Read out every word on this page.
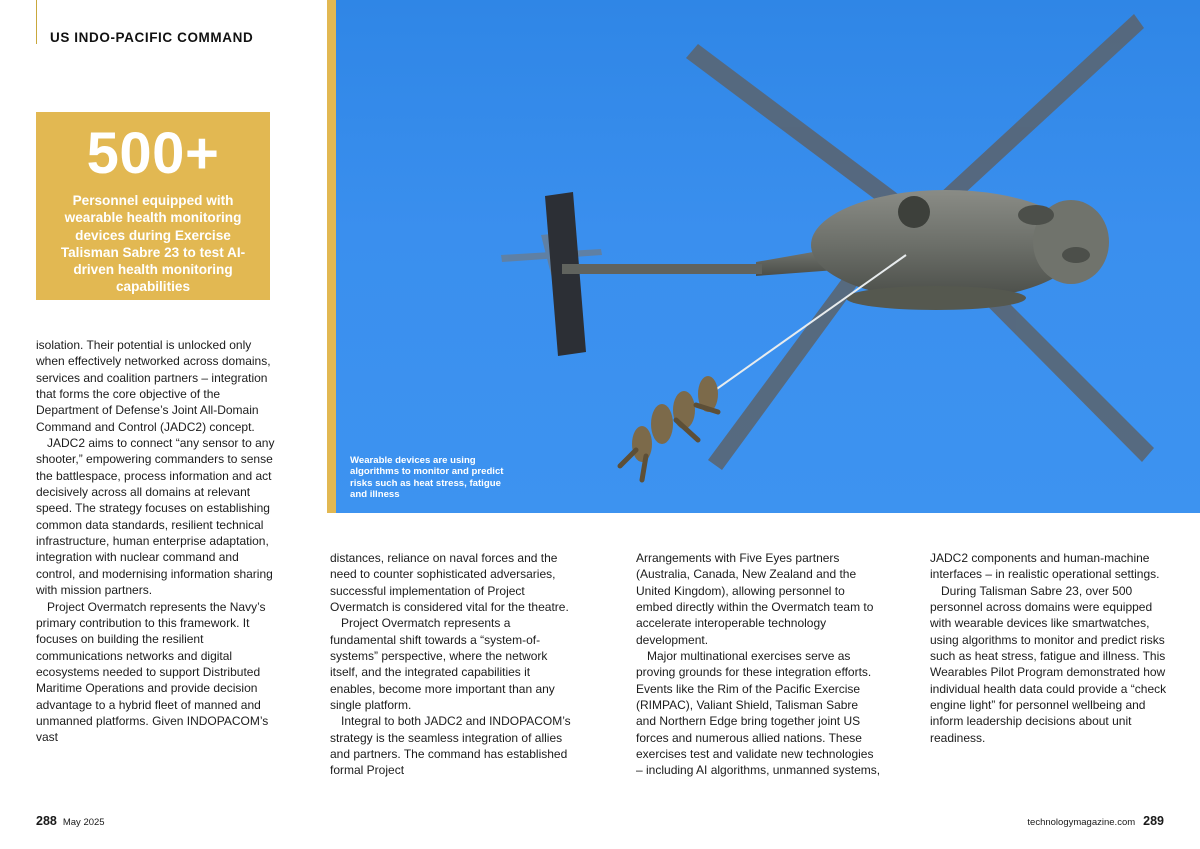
US INDO-PACIFIC COMMAND
500+
Personnel equipped with wearable health monitoring devices during Exercise Talisman Sabre 23 to test AI-driven health monitoring capabilities
Wearable devices are using algorithms to monitor and predict risks such as heat stress, fatigue and illness

isolation. Their potential is unlocked only when effectively networked across domains, services and coalition partners – integration that forms the core objective of the Department of Defense’s Joint All-Domain Command and Control (JADC2) concept.

JADC2 aims to connect “any sensor to any shooter,” empowering commanders to sense the battlespace, process information and act decisively across all domains at relevant speed. The strategy focuses on establishing common data standards, resilient technical infrastructure, human enterprise adaptation, integration with nuclear command and control, and modernising information sharing with mission partners.

Project Overmatch represents the Navy’s primary contribution to this framework. It focuses on building the resilient communications networks and digital ecosystems needed to support Distributed Maritime Operations and provide decision advantage to a hybrid fleet of manned and unmanned platforms. Given INDOPACOM’s vast

distances, reliance on naval forces and the need to counter sophisticated adversaries, successful implementation of Project Overmatch is considered vital for the theatre.

Project Overmatch represents a fundamental shift towards a “system-of-systems” perspective, where the network itself, and the integrated capabilities it enables, become more important than any single platform.

Integral to both JADC2 and INDOPACOM’s strategy is the seamless integration of allies and partners. The command has established formal Project

Arrangements with Five Eyes partners (Australia, Canada, New Zealand and the United Kingdom), allowing personnel to embed directly within the Overmatch team to accelerate interoperable technology development.

Major multinational exercises serve as proving grounds for these integration efforts. Events like the Rim of the Pacific Exercise (RIMPAC), Valiant Shield, Talisman Sabre and Northern Edge bring together joint US forces and numerous allied nations. These exercises test and validate new technologies – including AI algorithms, unmanned systems,

JADC2 components and human-machine interfaces – in realistic operational settings.

During Talisman Sabre 23, over 500 personnel across domains were equipped with wearable devices like smartwatches, using algorithms to monitor and predict risks such as heat stress, fatigue and illness. This Wearables Pilot Program demonstrated how individual health data could provide a “check engine light” for personnel wellbeing and inform leadership decisions about unit readiness.

288 May 2025	technologymagazine.com 289
